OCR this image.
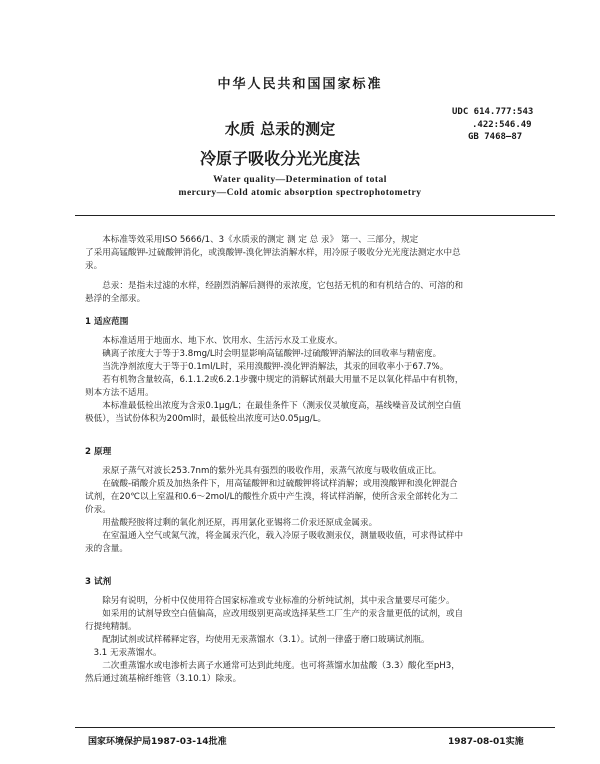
中华人民共和国国家标准
水质 总汞的测定
冷原子吸收分光光度法
UDC 614.777:543
.422:546.49
GB 7468—87
Water quality—Determination of total
mercury—Cold atomic absorption spectrophotometry

本标准等效采用ISO 5666/1、3《水质汞的测定 测 定 总 汞》 第一、三部分，规定

了采用高锰酸钾-过硫酸钾消化，或溴酸钾-溴化钾法消解水样，用冷原子吸收分光光度法测定水中总

汞。

总汞：是指未过滤的水样，经剧烈消解后测得的汞浓度，它包括无机的和有机结合的、可溶的和

悬浮的全部汞。

1 适应范围

本标准适用于地面水、地下水、饮用水、生活污水及工业废水。

碘离子浓度大于等于3.8mg/L时会明显影响高锰酸钾-过硫酸钾消解法的回收率与精密度。

当洗净剂浓度大于等于0.1ml/L时，采用溴酸钾-溴化钾消解法，其汞的回收率小于67.7%。

若有机物含量较高，6.1.1.2或6.2.1步骤中规定的消解试剂最大用量不足以氧化样品中有机物，

则本方法不适用。

本标准最低检出浓度为含汞0.1μg/L；在最佳条件下（测汞仪灵敏度高，基线噪音及试剂空白值

极低），当试份体积为200ml时，最低检出浓度可达0.05μg/L。

2 原理

汞原子蒸气对波长253.7nm的紫外光具有强烈的吸收作用，汞蒸气浓度与吸收值成正比。

在硫酸-硝酸介质及加热条件下，用高锰酸钾和过硫酸钾将试样消解；或用溴酸钾和溴化钾混合

试剂，在20℃以上室温和0.6～2mol/L的酸性介质中产生溴，将试样消解，使所含汞全部转化为二

价汞。

用盐酸羟胺将过剩的氧化剂还原，再用氯化亚锡将二价汞还原成金属汞。

在室温通入空气或氮气流，将金属汞汽化，载入冷原子吸收测汞仪，测量吸收值，可求得试样中

汞的含量。

3 试剂

除另有说明，分析中仅使用符合国家标准或专业标准的分析纯试剂，其中汞含量要尽可能少。

如采用的试剂导致空白值偏高，应改用级别更高或选择某些工厂生产的汞含量更低的试剂，或自

行提纯精制。

配制试剂或试样稀释定容，均使用无汞蒸馏水（3.1）。试剂一律盛于磨口玻璃试剂瓶。

3.1 无汞蒸馏水。

二次重蒸馏水或电渗析去离子水通常可达到此纯度。也可将蒸馏水加盐酸（3.3）酸化至pH3，

然后通过巯基棉纤维管（3.10.1）除汞。

国家环境保护局1987-03-14批准	1987-08-01实施
